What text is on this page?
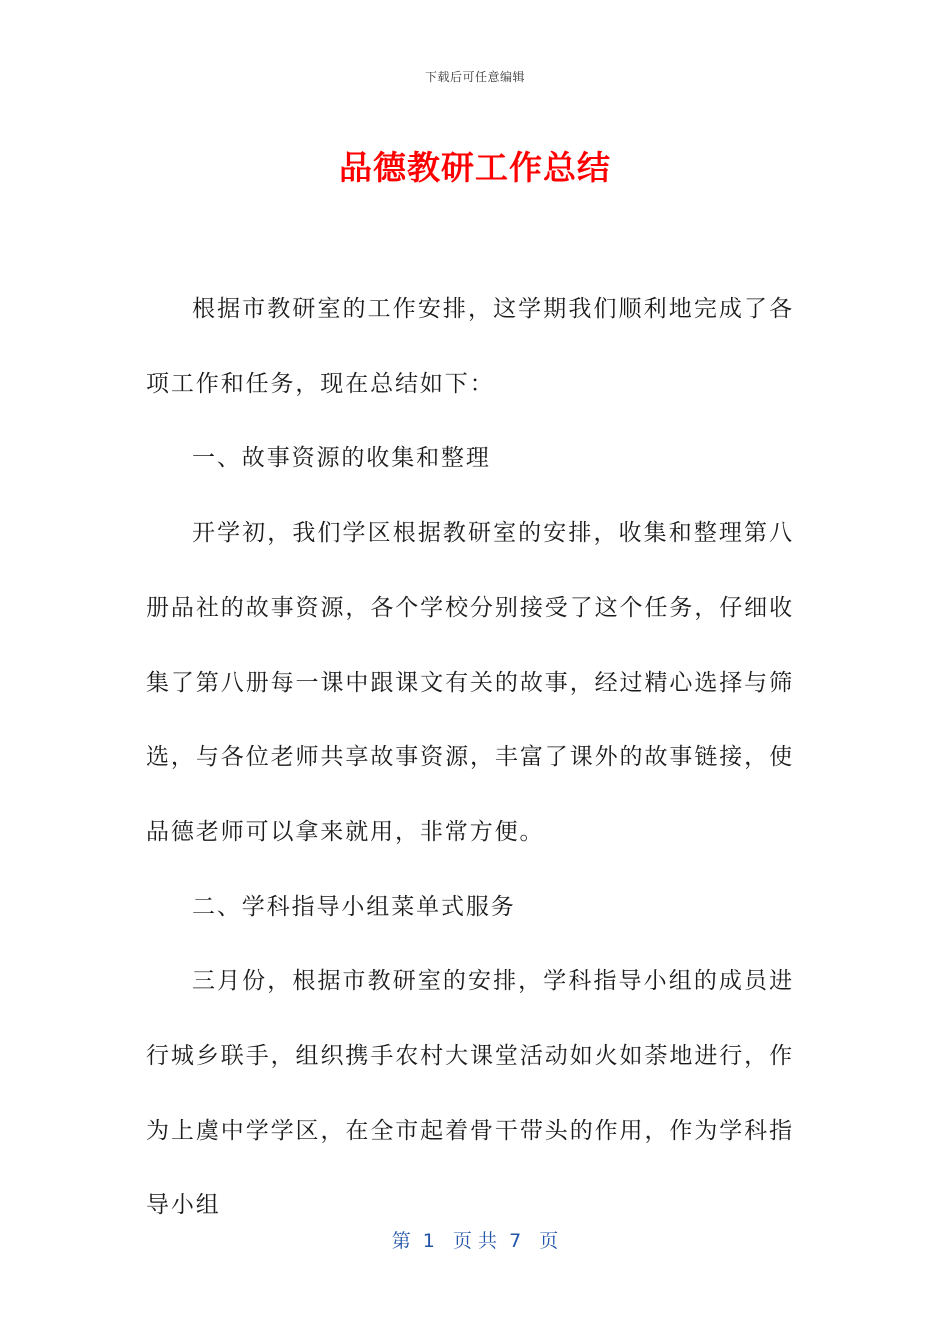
下载后可任意编辑
品德教研工作总结

根据市教研室的工作安排，这学期我们顺利地完成了各项工作和任务，现在总结如下：

一、故事资源的收集和整理

开学初，我们学区根据教研室的安排，收集和整理第八册品社的故事资源，各个学校分别接受了这个任务，仔细收集了第八册每一课中跟课文有关的故事，经过精心选择与筛选，与各位老师共享故事资源，丰富了课外的故事链接，使品德老师可以拿来就用，非常方便。

二、学科指导小组菜单式服务

三月份，根据市教研室的安排，学科指导小组的成员进行城乡联手，组织携手农村大课堂活动如火如荼地进行，作为上虞中学学区，在全市起着骨干带头的作用，作为学科指导小组

第  1   页 共  7   页
